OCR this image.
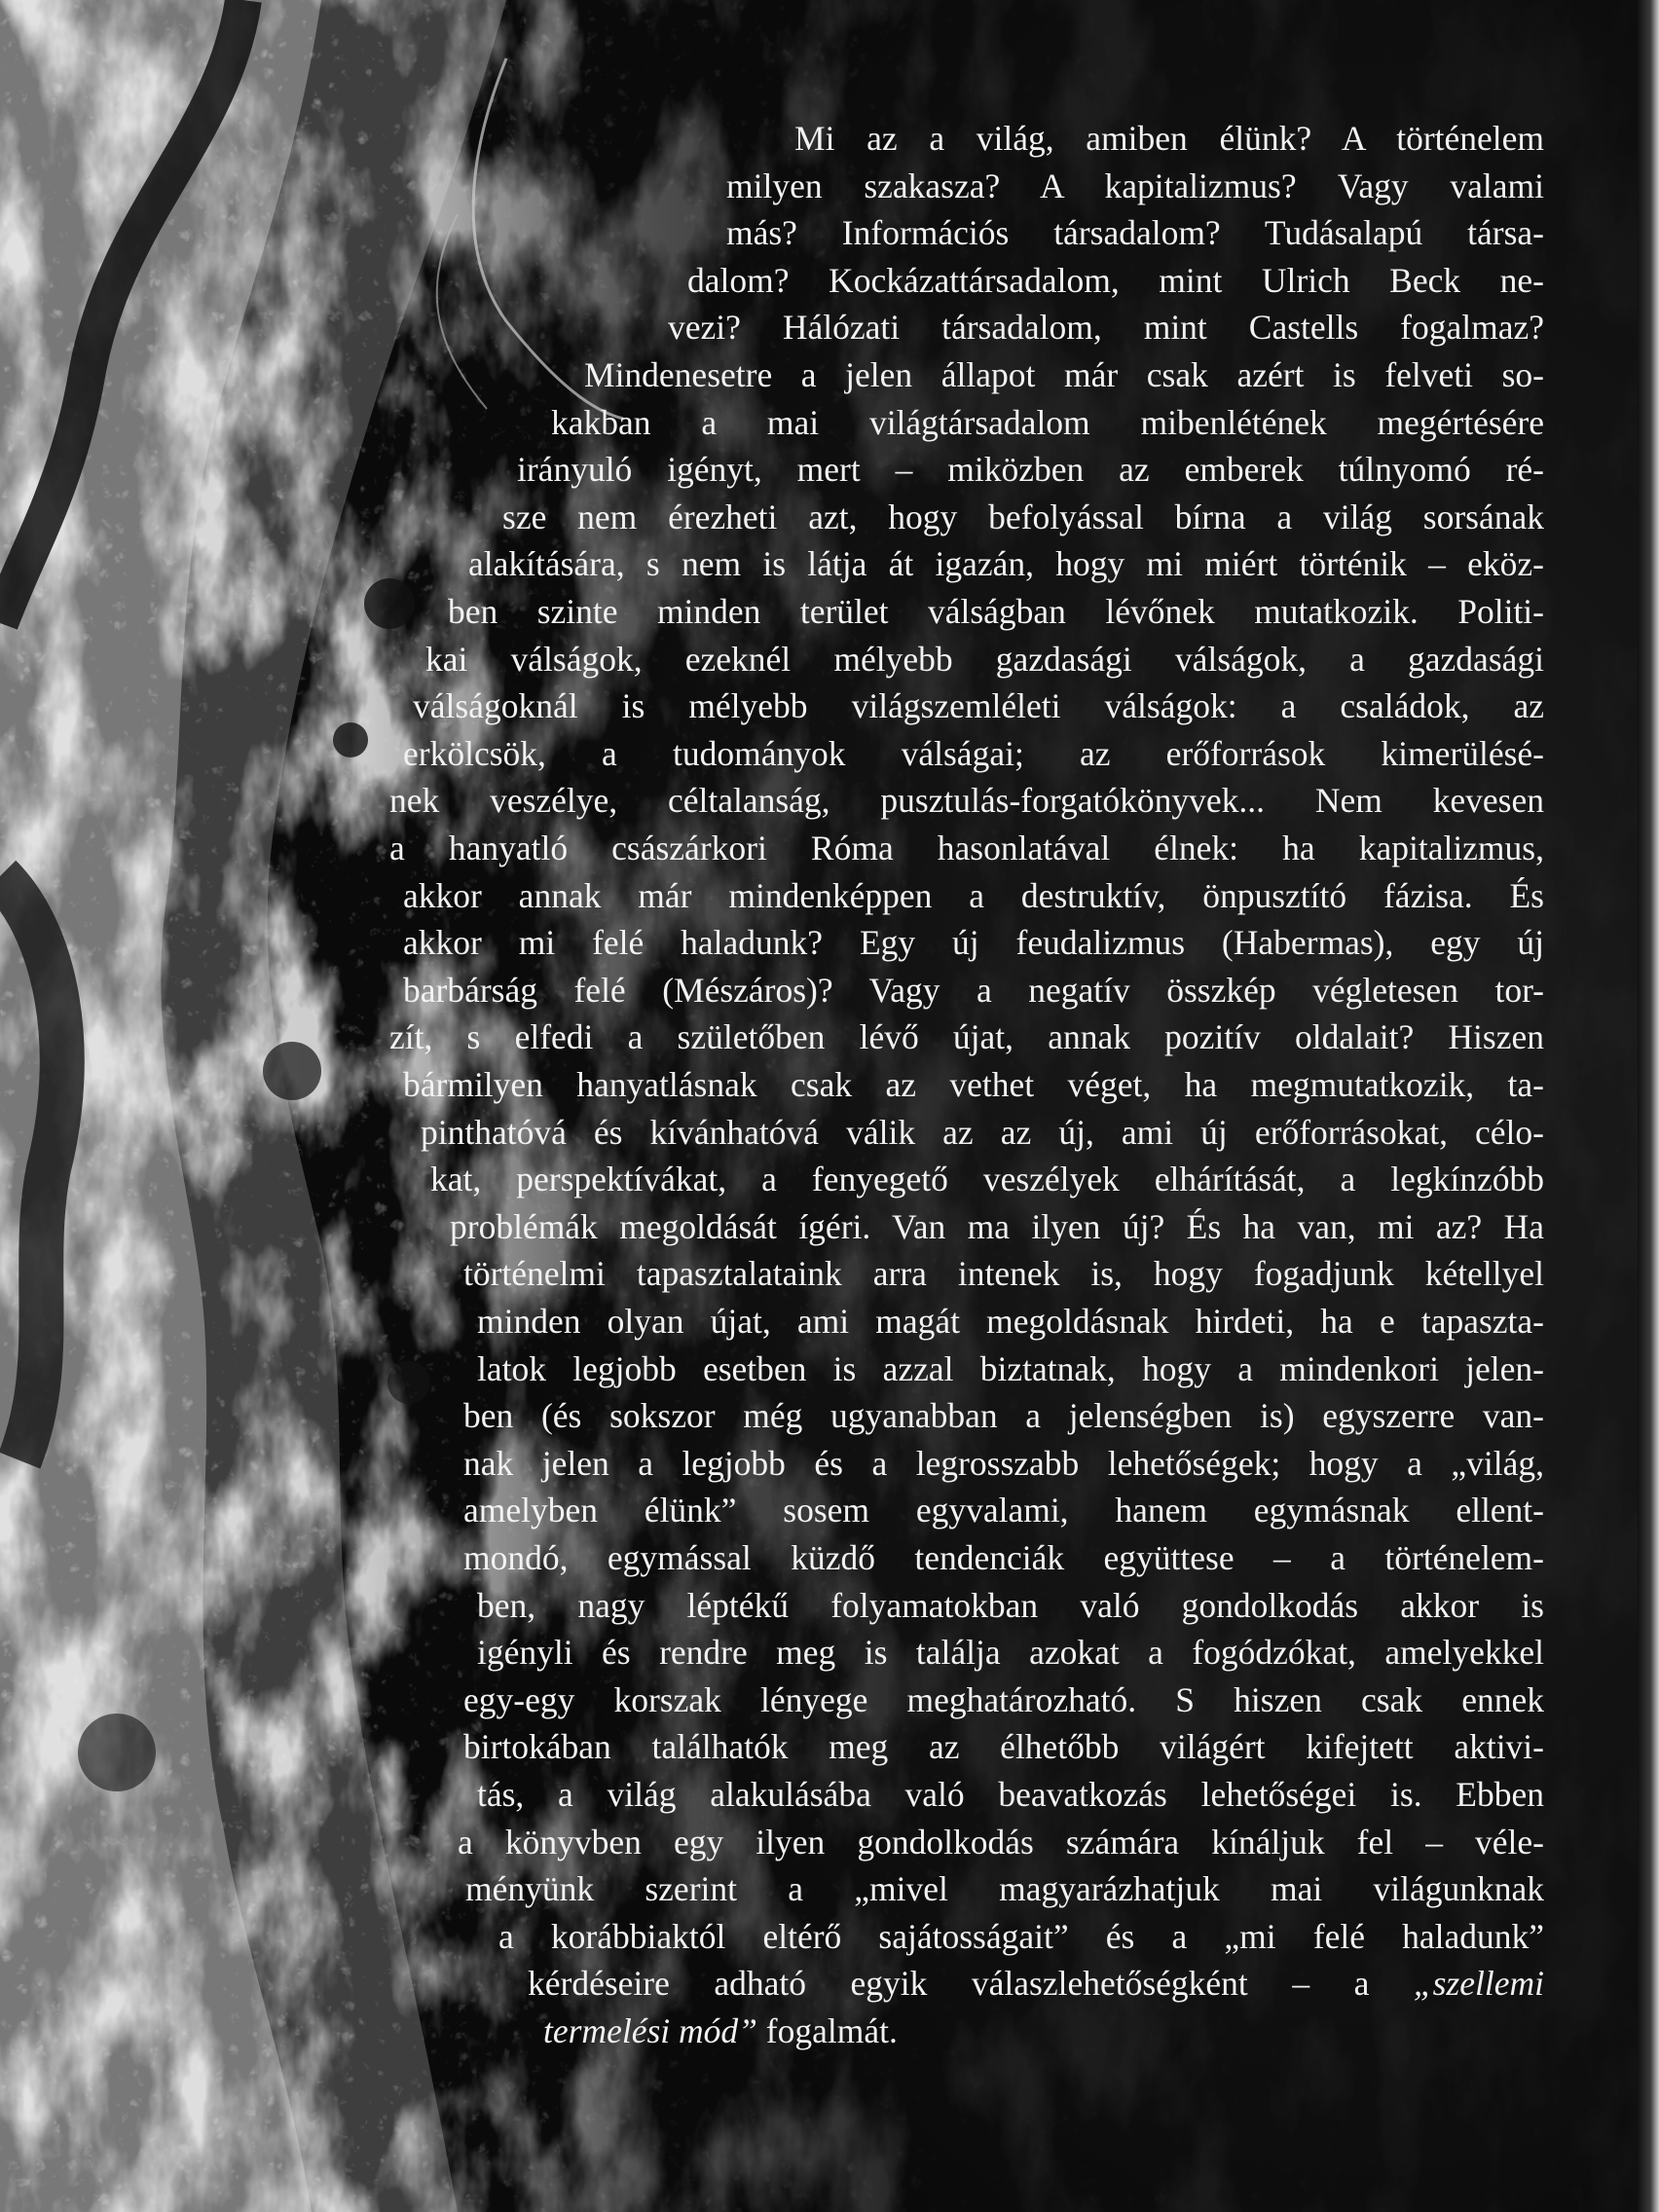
Mi az a világ, amiben élünk? A történelem
milyen szakasza? A kapitalizmus? Vagy valami
más? Információs társadalom? Tudásalapú társa-
dalom? Kockázattársadalom, mint Ulrich Beck ne-
vezi? Hálózati társadalom, mint Castells fogalmaz?
Mindenesetre a jelen állapot már csak azért is felveti so-
kakban a mai világtársadalom mibenlétének megértésére
irányuló igényt, mert – miközben az emberek túlnyomó ré-
sze nem érezheti azt, hogy befolyással bírna a világ sorsának
alakítására, s nem is látja át igazán, hogy mi miért történik – eköz-
ben szinte minden terület válságban lévőnek mutatkozik. Politi-
kai válságok, ezeknél mélyebb gazdasági válságok, a gazdasági
válságoknál is mélyebb világszemléleti válságok: a családok, az
erkölcsök, a tudományok válságai; az erőforrások kimerülésé-
nek veszélye, céltalanság, pusztulás-forgatókönyvek... Nem kevesen
a hanyatló császárkori Róma hasonlatával élnek: ha kapitalizmus,
akkor annak már mindenképpen a destruktív, önpusztító fázisa. És
akkor mi felé haladunk? Egy új feudalizmus (Habermas), egy új
barbárság felé (Mészáros)? Vagy a negatív összkép végletesen tor-
zít, s elfedi a születőben lévő újat, annak pozitív oldalait? Hiszen
bármilyen hanyatlásnak csak az vethet véget, ha megmutatkozik, ta-
pinthatóvá és kívánhatóvá válik az az új, ami új erőforrásokat, célo-
kat, perspektívákat, a fenyegető veszélyek elhárítását, a legkínzóbb
problémák megoldását ígéri. Van ma ilyen új? És ha van, mi az? Ha
történelmi tapasztalataink arra intenek is, hogy fogadjunk kétellyel
minden olyan újat, ami magát megoldásnak hirdeti, ha e tapaszta-
latok legjobb esetben is azzal biztatnak, hogy a mindenkori jelen-
ben (és sokszor még ugyanabban a jelenségben is) egyszerre van-
nak jelen a legjobb és a legrosszabb lehetőségek; hogy a „világ,
amelyben élünk” sosem egyvalami, hanem egymásnak ellent-
mondó, egymással küzdő tendenciák együttese – a történelem-
ben, nagy léptékű folyamatokban való gondolkodás akkor is
igényli és rendre meg is találja azokat a fogódzókat, amelyekkel
egy-egy korszak lényege meghatározható. S hiszen csak ennek
birtokában találhatók meg az élhetőbb világért kifejtett aktivi-
tás, a világ alakulásába való beavatkozás lehetőségei is. Ebben
a könyvben egy ilyen gondolkodás számára kínáljuk fel – véle-
ményünk szerint a „mivel magyarázhatjuk mai világunknak
a korábbiaktól eltérő sajátosságait” és a „mi felé haladunk”
kérdéseire adható egyik válaszlehetőségként – a „szellemi
termelési mód” fogalmát.
